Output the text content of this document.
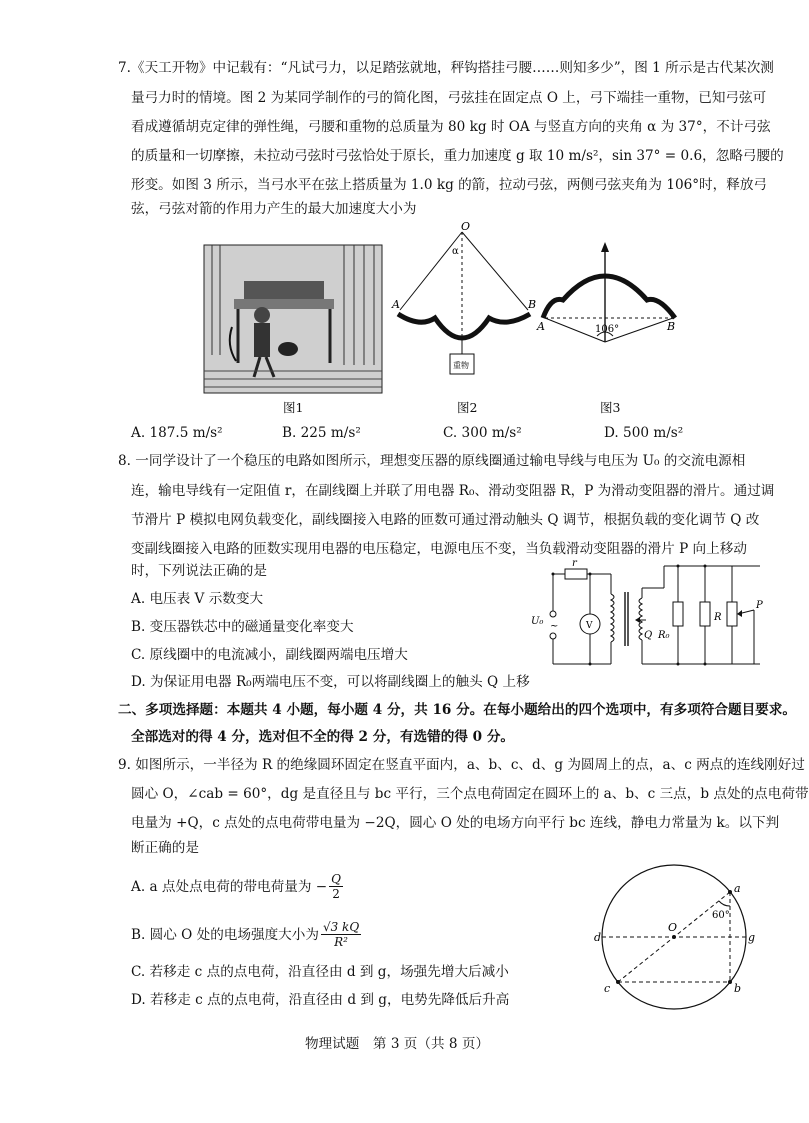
7.《天工开物》中记载有：“凡试弓力，以足踏弦就地，秤钩搭挂弓腰……则知多少”，图 1 所示是古代某次测
量弓力时的情境。图 2 为某同学制作的弓的简化图，弓弦挂在固定点 O 上，弓下端挂一重物，已知弓弦可
看成遵循胡克定律的弹性绳，弓腰和重物的总质量为 80 kg 时 OA 与竖直方向的夹角 α 为 37°，不计弓弦
的质量和一切摩擦，未拉动弓弦时弓弦恰处于原长，重力加速度 g 取 10 m/s²，sin 37° = 0.6，忽略弓腰的
形变。如图 3 所示，当弓水平在弦上搭质量为 1.0 kg 的箭，拉动弓弦，两侧弓弦夹角为 106°时，释放弓
弦，弓弦对箭的作用力产生的最大加速度大小为
图1
O
α
A	B
重物
图2
A	B
106°
图3
A. 187.5 m/s²	B. 225 m/s²	C. 300 m/s²	D. 500 m/s²
8. 一同学设计了一个稳压的电路如图所示，理想变压器的原线圈通过输电导线与电压为 U₀ 的交流电源相
连，输电导线有一定阻值 r，在副线圈上并联了用电器 R₀、滑动变阻器 R，P 为滑动变阻器的滑片。通过调
节滑片 P 模拟电网负载变化，副线圈接入电路的匝数可通过滑动触头 Q 调节，根据负载的变化调节 Q 改
变副线圈接入电路的匝数实现用电器的电压稳定，电源电压不变，当负载滑动变阻器的滑片 P 向上移动
时，下列说法正确的是
A. 电压表 V 示数变大
B. 变压器铁芯中的磁通量变化率变大
C. 原线圈中的电流减小，副线圈两端电压增大
D. 为保证用电器 R₀两端电压不变，可以将副线圈上的触头 Q 上移
r
U₀ ~	V
Q R₀
R
P
二、多项选择题：本题共 4 小题，每小题 4 分，共 16 分。在每小题给出的四个选项中，有多项符合题目要求。
全部选对的得 4 分，选对但不全的得 2 分，有选错的得 0 分。
9. 如图所示，一半径为 R 的绝缘圆环固定在竖直平面内，a、b、c、d、g 为圆周上的点，a、c 两点的连线刚好过
圆心 O，∠cab = 60°，dg 是直径且与 bc 平行，三个点电荷固定在圆环上的 a、b、c 三点，b 点处的点电荷带
电量为 +Q，c 点处的点电荷带电量为 −2Q，圆心 O 处的电场方向平行 bc 连线，静电力常量为 k。以下判
断正确的是
A. a 点处点电荷的带电荷量为 − $\frac{Q}{2}$
B. 圆心 O 处的电场强度大小为 $\frac{√3 kQ}{\text{R²}}$
C. 若移走 c 点的点电荷，沿直径由 d 到 g，场强先增大后减小
D. 若移走 c 点的点电荷，沿直径由 d 到 g，电势先降低后升高
a
b
c
d	g
O
60°
物理试题　第 3 页（共 8 页）
